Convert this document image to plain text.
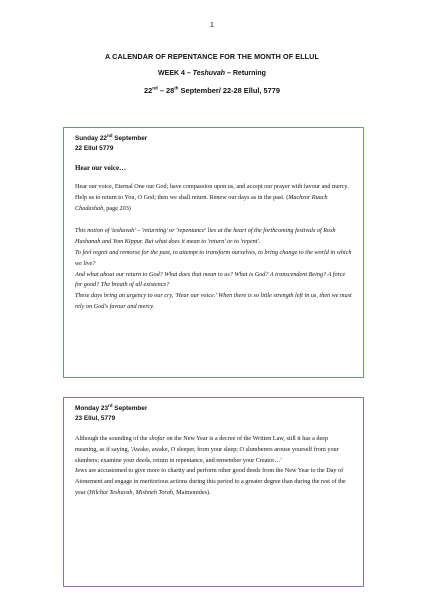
1
A CALENDAR OF REPENTANCE FOR THE MONTH OF ELLUL
WEEK 4 – Teshuvah – Returning
22nd – 28th September/ 22-28 Ellul, 5779
Sunday 22nd September
22 Ellul 5779
Hear our voice…
Hear our voice, Eternal One our God; have compassion upon us, and accept our prayer with favour and mercy. Help us to return to You, O God; then we shall return. Renew our days as in the past. (Machzor Ruach Chadashah, page 203)
This notion of 'teshuvah' – 'returning' or 'repentance' lies at the heart of the forthcoming festivals of Rosh Hashanah and Yom Kippur. But what does it mean to 'return' or to 'repent'.
To feel regret and remorse for the past, to attempt to transform ourselves, to bring change to the world in which we live?
And what about our return to God? What does that mean to us? What is God? A transcendent Being? A force for good? The breath of all existence?
These days bring an urgency to our cry, 'Hear our voice.' When there is so little strength left in us, then we must rely on God's favour and mercy.
Monday 23rd September
23 Ellul, 5779
Although the sounding of the shofar on the New Year is a decree of the Written Law, still it has a deep meaning, as if saying, 'Awake, awake, O sleeper, from your sleep; O slumberers arouse yourself from your slumbers; examine your deeds, return in repentance, and remember your Creator…'
Jews are accustomed to give more to charity and perform other good deeds from the New Year to the Day of Atonement and engage in meritorious actions during this period to a greater degree than during the rest of the year (Hilchot Teshuvah, Mishneh Torah, Maimonides).
